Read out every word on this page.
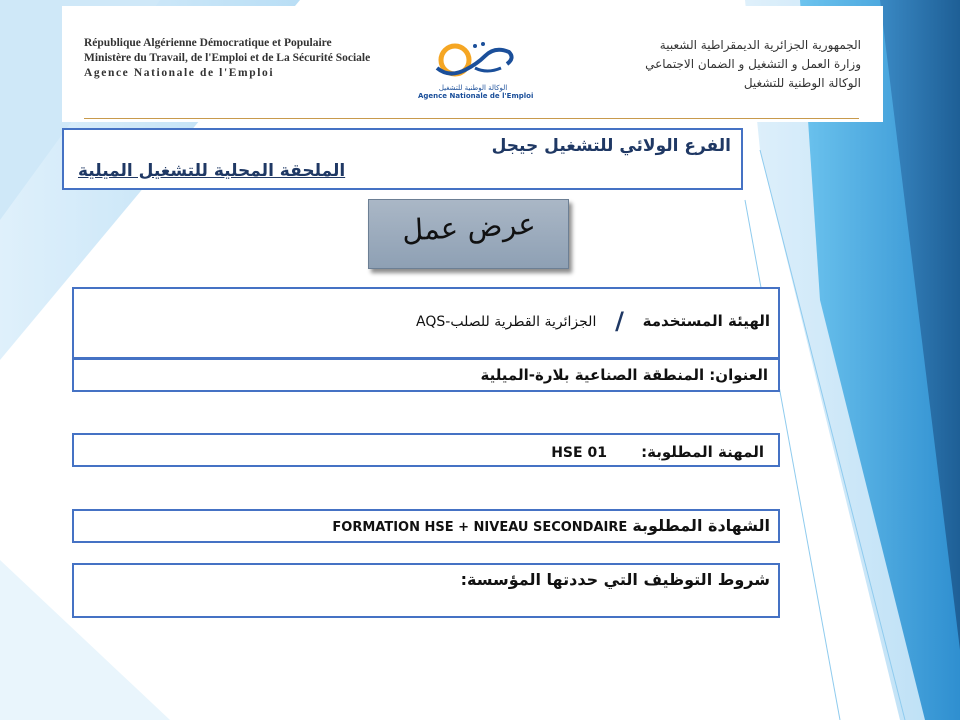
République Algérienne Démocratique et Populaire
Ministère du Travail, de l'Emploi et de La Sécurité Sociale
Agence Nationale de l'Emploi
الوكالة الوطنية للتشغيل
Agence Nationale de l'Emploi
الجمهورية الجزائرية الديمقراطية الشعبية
وزارة العمل و التشغيل و الضمان الاجتماعي
الوكالة الوطنية للتشغيل
الفرع الولائي للتشغيل جيجل
الملحقة المحلية للتشغيل الميلية
عرض عمل
الهيئة المستخدمة / الجزائرية القطرية للصلب-AQS
العنوان: المنطقة الصناعية بلارة-الميلية
المهنة المطلوبة:  01 HSE
الشهادة المطلوبة FORMATION HSE + NIVEAU SECONDAIRE
شروط التوظيف التي حددتها المؤسسة:
